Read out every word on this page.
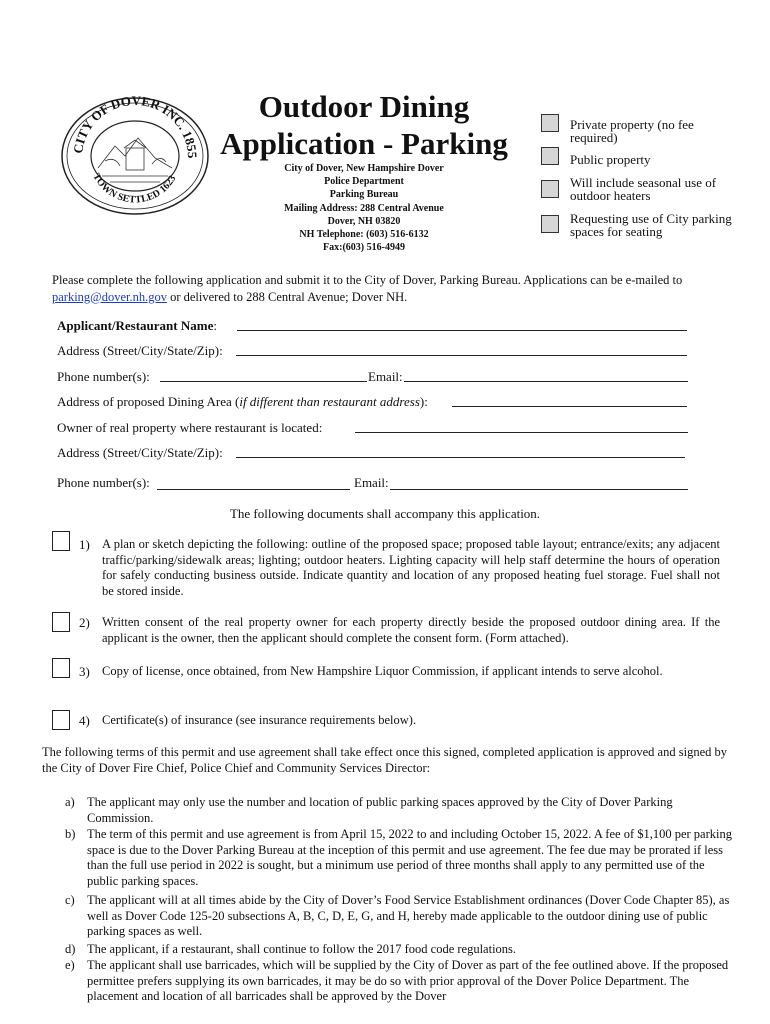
CITY OF DOVER INC. 1855
TOWN SETTLED 1623
Outdoor Dining
Application - Parking
City of Dover, New Hampshire Dover
Police Department
Parking Bureau
Mailing Address: 288 Central Avenue
Dover, NH 03820
NH Telephone: (603) 516-6132
Fax:(603) 516-4949
Private property (no fee required)
Public property
Will include seasonal use of outdoor heaters
Requesting use of City parking spaces for seating
Please complete the following application and submit it to the City of Dover, Parking Bureau. Applications can be e-mailed to parking@dover.nh.gov or delivered to 288 Central Avenue; Dover NH.
Applicant/Restaurant Name:
Address (Street/City/State/Zip):
Phone number(s):	Email:
Address of proposed Dining Area (if different than restaurant address):
Owner of real property where restaurant is located:
Address (Street/City/State/Zip):
Phone number(s):	Email:
The following documents shall accompany this application.
1) A plan or sketch depicting the following: outline of the proposed space; proposed table layout; entrance/exits; any adjacent traffic/parking/sidewalk areas; lighting; outdoor heaters. Lighting capacity will help staff determine the hours of operation for safely conducting business outside. Indicate quantity and location of any proposed heating fuel storage. Fuel shall not be stored inside.
2) Written consent of the real property owner for each property directly beside the proposed outdoor dining area. If the applicant is the owner, then the applicant should complete the consent form. (Form attached).
3) Copy of license, once obtained, from New Hampshire Liquor Commission, if applicant intends to serve alcohol.
4) Certificate(s) of insurance (see insurance requirements below).
The following terms of this permit and use agreement shall take effect once this signed, completed application is approved and signed by the City of Dover Fire Chief, Police Chief and Community Services Director:
a) The applicant may only use the number and location of public parking spaces approved by the City of Dover Parking Commission.
b) The term of this permit and use agreement is from April 15, 2022 to and including October 15, 2022. A fee of $1,100 per parking space is due to the Dover Parking Bureau at the inception of this permit and use agreement. The fee due may be prorated if less than the full use period in 2022 is sought, but a minimum use period of three months shall apply to any permitted use of the public parking spaces.
c) The applicant will at all times abide by the City of Dover’s Food Service Establishment ordinances (Dover Code Chapter 85), as well as Dover Code 125-20 subsections A, B, C, D, E, G, and H, hereby made applicable to the outdoor dining use of public parking spaces as well.
d) The applicant, if a restaurant, shall continue to follow the 2017 food code regulations.
e) The applicant shall use barricades, which will be supplied by the City of Dover as part of the fee outlined above. If the proposed permittee prefers supplying its own barricades, it may be do so with prior approval of the Dover Police Department. The placement and location of all barricades shall be approved by the Dover
